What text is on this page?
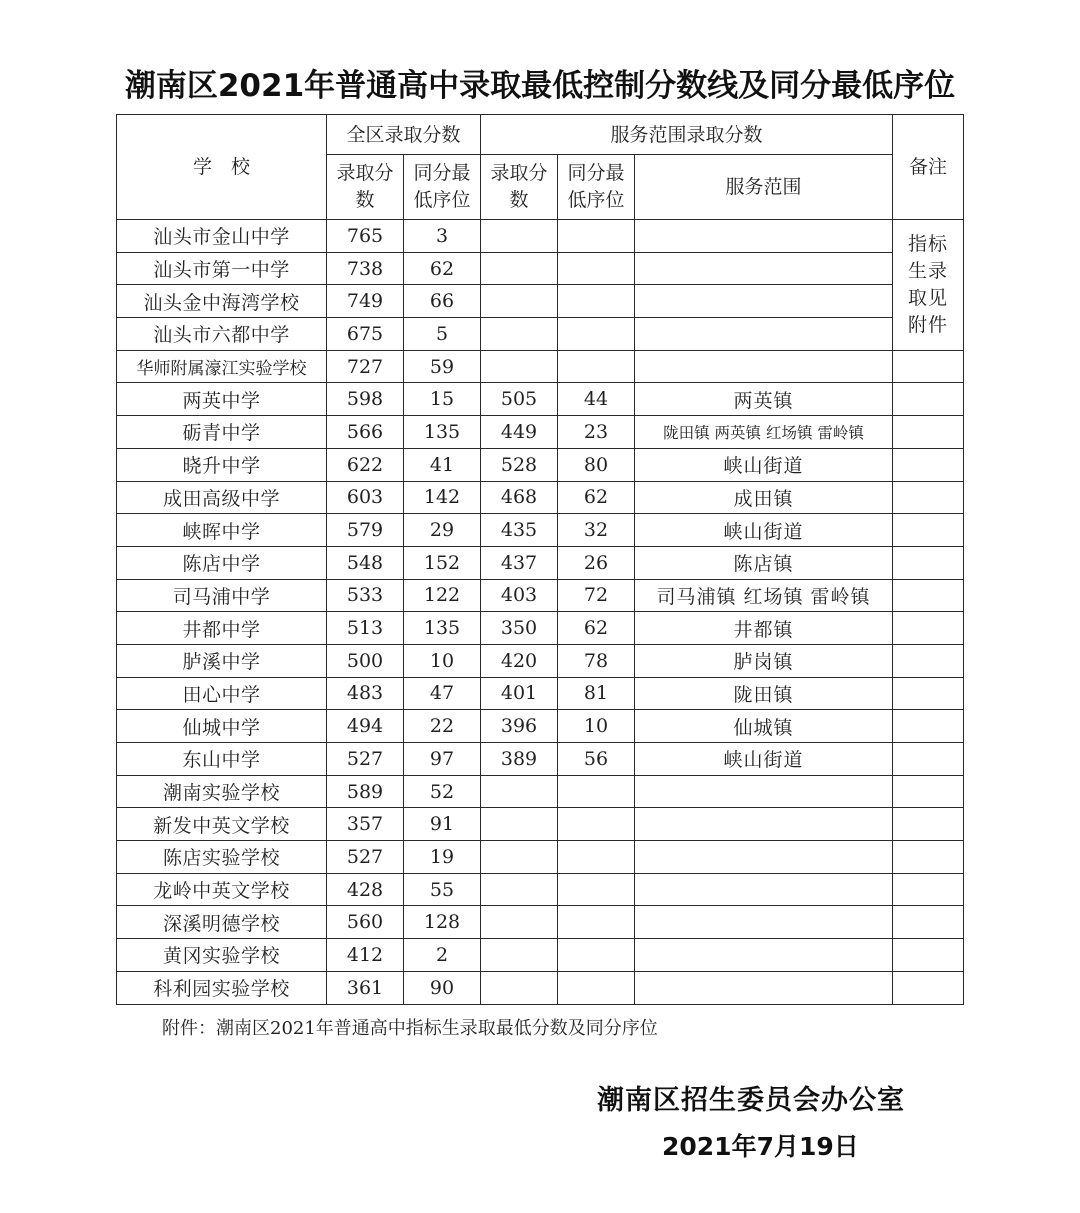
潮南区2021年普通高中录取最低控制分数线及同分最低序位
学　校	全区录取分数		服务范围录取分数			备注

	录取分数	同分最低序位	录取分数	同分最低序位	服务范围	
汕头市金山中学	765	3				指标生录取见附件
汕头市第一中学	738	62				
汕头金中海湾学校	749	66				
汕头市六都中学	675	5				
华师附属濠江实验学校	727	59				
两英中学	598	15	505	44	两英镇	
砺青中学	566	135	449	23	陇田镇 两英镇 红场镇 雷岭镇	
晓升中学	622	41	528	80	峡山街道	
成田高级中学	603	142	468	62	成田镇	
峡晖中学	579	29	435	32	峡山街道	
陈店中学	548	152	437	26	陈店镇	
司马浦中学	533	122	403	72	司马浦镇 红场镇 雷岭镇	
井都中学	513	135	350	62	井都镇	
胪溪中学	500	10	420	78	胪岗镇	
田心中学	483	47	401	81	陇田镇	
仙城中学	494	22	396	10	仙城镇	
东山中学	527	97	389	56	峡山街道	
潮南实验学校	589	52				
新发中英文学校	357	91				
陈店实验学校	527	19				
龙岭中英文学校	428	55				
深溪明德学校	560	128				
黄冈实验学校	412	2				
科利园实验学校	361	90				
附件：潮南区2021年普通高中指标生录取最低分数及同分序位
潮南区招生委员会办公室
2021年7月19日
